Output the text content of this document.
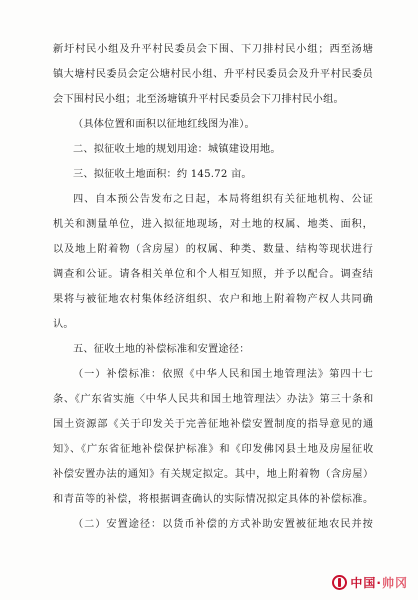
新圩村民小组及升平村民委员会下围、下刀排村民小组；西至汤塘
镇大塘村民委员会定公塘村民小组、升平村民委员会及升平村民委员
会下围村民小组；北至汤塘镇升平村民委员会下刀排村民小组。
（具体位置和面积以征地红线图为准）。
二、拟征收土地的规划用途：城镇建设用地。
三、拟征收土地面积：约 145.72 亩。
四、自本预公告发布之日起，本局将组织有关征地机构、公证
机关和测量单位，进入拟征地现场，对土地的权属、地类、面积，
以及地上附着物（含房屋）的权属、种类、数量、结构等现状进行
调查和公证。请各相关单位和个人相互知照，并予以配合。调查结
果将与被征地农村集体经济组织、农户和地上附着物产权人共同确
认。
五、征收土地的补偿标准和安置途径：
（一）补偿标准：依照《中华人民和国土地管理法》第四十七
条、《广东省实施〈中华人民共和国土地管理法〉办法》第三十条和
国土资源部《关于印发关于完善征地补偿安置制度的指导意见的通
知》、《广东省征地补偿保护标准》和《印发佛冈县土地及房屋征收
补偿安置办法的通知》有关规定拟定。其中，地上附着物（含房屋）
和青苗等的补偿，将根据调查确认的实际情况拟定具体的补偿标准。
（二）安置途径：以货币补偿的方式补助安置被征地农民并按
中国·帅冈
